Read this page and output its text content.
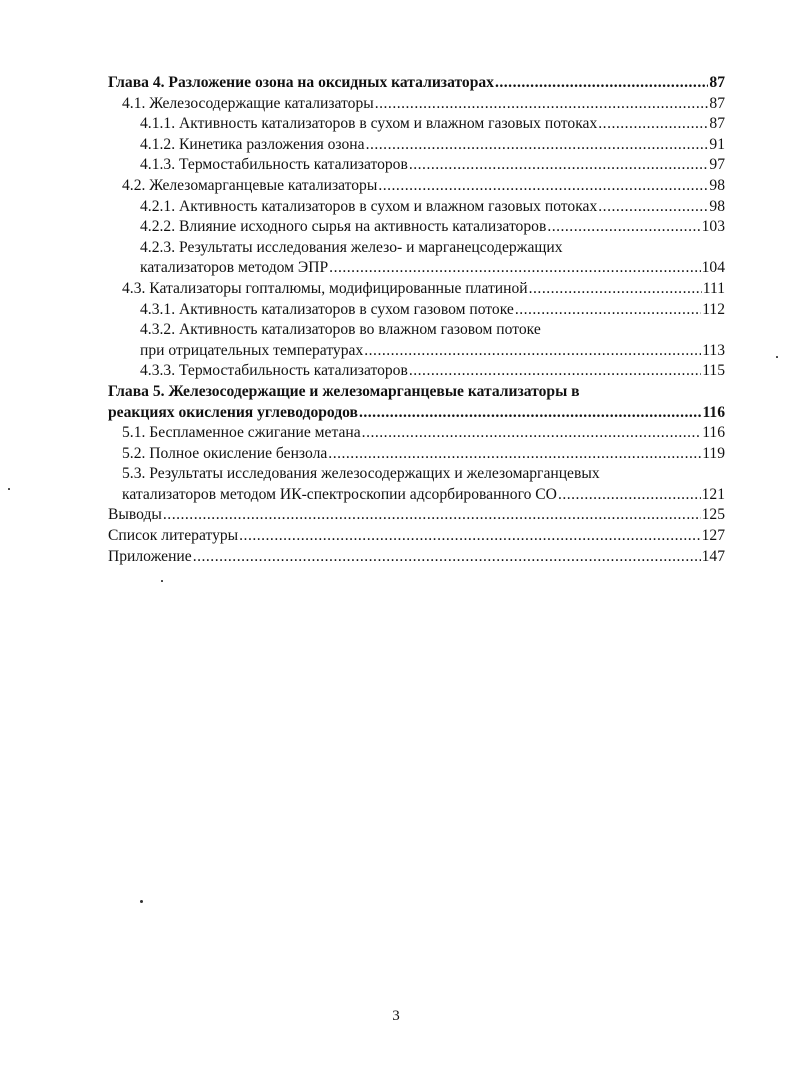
Глава 4. Разложение озона на оксидных катализаторах .....	87
4.1. Железосодержащие катализаторы .....	87
4.1.1. Активность катализаторов в сухом и влажном газовых потоках .....	87
4.1.2. Кинетика разложения озона .....	91
4.1.3. Термостабильность катализаторов .....	97
4.2. Железомарганцевые катализаторы .....	98
4.2.1. Активность катализаторов в сухом и влажном газовых потоках .....	98
4.2.2. Влияние исходного сырья на активность катализаторов .....	103
4.2.3. Результаты исследования железо- и марганецсодержащих
катализаторов методом ЭПР .....	104
4.3. Катализаторы гопталюмы, модифицированные платиной .....	111
4.3.1. Активность катализаторов в сухом газовом потоке .....	112
4.3.2. Активность катализаторов во влажном газовом потоке
при отрицательных температурах .....	113
4.3.3. Термостабильность катализаторов .....	115
Глава 5. Железосодержащие и железомарганцевые катализаторы в
реакциях окисления углеводородов .....	116
5.1. Беспламенное сжигание метана .....	116
5.2. Полное окисление бензола .....	119
5.3. Результаты исследования железосодержащих и железомарганцевых
катализаторов методом ИК-спектроскопии адсорбированного СО .....	121
Выводы .....	125
Список литературы .....	127
Приложение .....	147
3
